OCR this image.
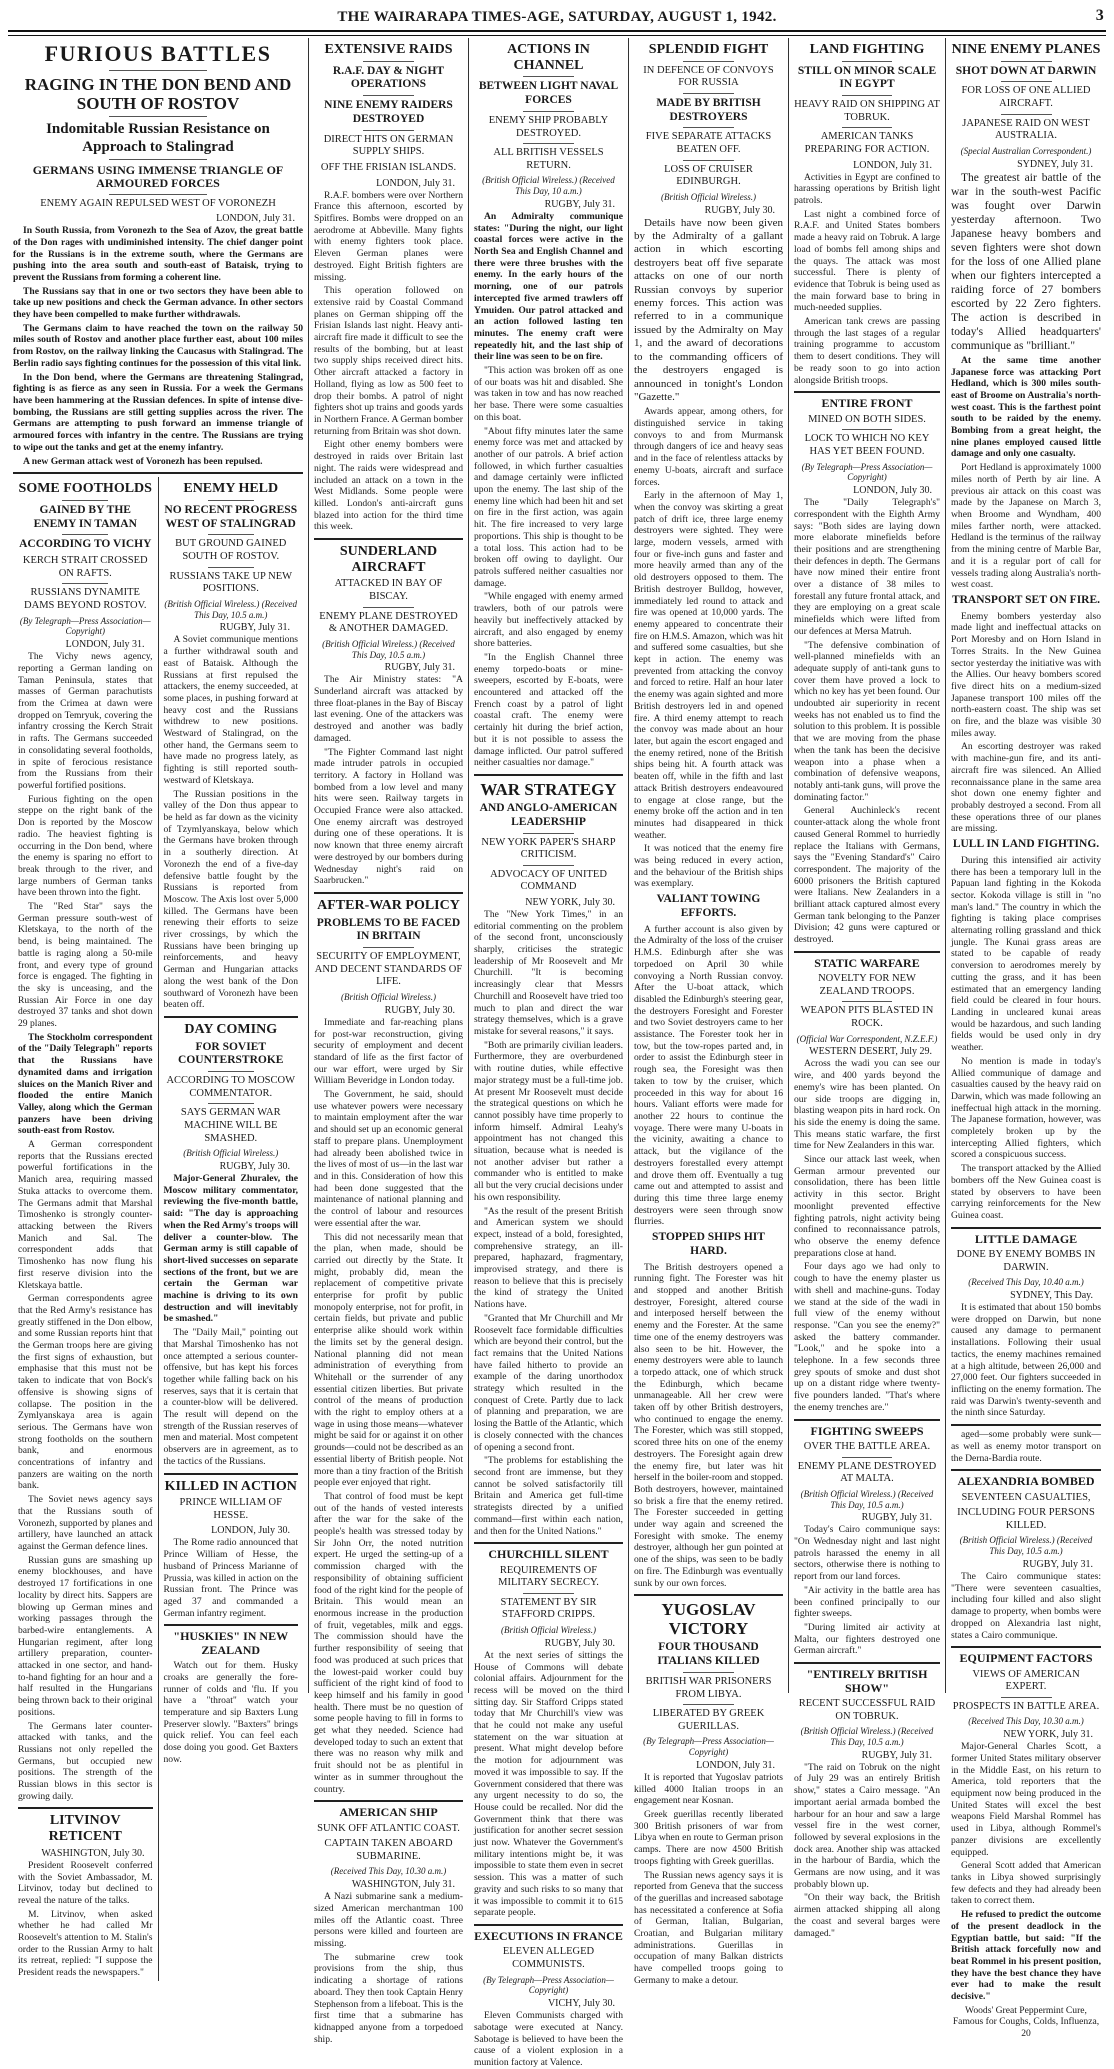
THE WAIRARAPA TIMES-AGE, SATURDAY, AUGUST 1, 1942.	3
FURIOUS BATTLES
RAGING IN THE DON BEND AND SOUTH OF ROSTOV
Indomitable Russian Resistance on Approach to Stalingrad
GERMANS USING IMMENSE TRIANGLE OF ARMOURED FORCES
ENEMY AGAIN REPULSED WEST OF VORONEZH
LONDON, July 31.
In South Russia, from Voronezh to the Sea of Azov, the great battle of the Don rages with undiminished intensity. The chief danger point for the Russians is in the extreme south, where the Germans are pushing into the area south and south-east of Bataisk, trying to prevent the Russians from forming a coherent line.
The Russians say that in one or two sectors they have been able to take up new positions and check the German advance. In other sectors they have been compelled to make further withdrawals.
The Germans claim to have reached the town on the railway 50 miles south of Rostov and another place further east, about 100 miles from Rostov, on the railway linking the Caucasus with Stalingrad. The Berlin radio says fighting continues for the possession of this vital link.
In the Don bend, where the Germans are threatening Stalingrad, fighting is as fierce as any seen in Russia. For a week the Germans have been hammering at the Russian defences. In spite of intense dive-bombing, the Russians are still getting supplies across the river. The Germans are attempting to push forward an immense triangle of armoured forces with infantry in the centre. The Russians are trying to wipe out the tanks and get at the enemy infantry.
A new German attack west of Voronezh has been repulsed.
SOME FOOTHOLDS
GAINED BY THE ENEMY IN TAMAN
ACCORDING TO VICHY
KERCH STRAIT CROSSED ON RAFTS.
RUSSIANS DYNAMITE DAMS BEYOND ROSTOV.
(By Telegraph—Press Association—Copyright)
LONDON, July 31.
The Vichy news agency, reporting a German landing on Taman Peninsula, states that masses of German parachutists from the Crimea at dawn were dropped on Temryuk, covering the infantry crossing the Kerch Strait in rafts. The Germans succeeded in consolidating several footholds, in spite of ferocious resistance from the Russians from their powerful fortified positions.
Furious fighting on the open steppe on the right bank of the Don is reported by the Moscow radio. The heaviest fighting is occurring in the Don bend, where the enemy is sparing no effort to break through to the river, and large numbers of German tanks have been thrown into the fight.
The "Red Star" says the German pressure south-west of Kletskaya, to the north of the bend, is being maintained. The battle is raging along a 50-mile front, and every type of ground force is engaged. The fighting in the sky is unceasing, and the Russian Air Force in one day destroyed 37 tanks and shot down 29 planes.
The Stockholm correspondent of the "Daily Telegraph" reports that the Russians have dynamited dams and irrigation sluices on the Manich River and flooded the entire Manich Valley, along which the German panzers have been driving south-east from Rostov.
A German correspondent reports that the Russians erected powerful fortifications in the Manich area, requiring massed Stuka attacks to overcome them. The Germans admit that Marshal Timoshenko is strongly counter-attacking between the Rivers Manich and Sal. The correspondent adds that Timoshenko has now flung his first reserve division into the Kletskaya battle.
German correspondents agree that the Red Army's resistance has greatly stiffened in the Don elbow, and some Russian reports hint that the German troops here are giving the first signs of exhaustion, but emphasise that this must not be taken to indicate that von Bock's offensive is showing signs of collapse. The position in the Zymlyanskaya area is again serious. The Germans have won strong footholds on the southern bank, and enormous concentrations of infantry and panzers are waiting on the north bank.
The Soviet news agency says that the Russians south of Voronezh, supported by planes and artillery, have launched an attack against the German defence lines.
Russian guns are smashing up enemy blockhouses, and have destroyed 17 fortifications in one locality by direct hits. Sappers are blowing up German mines and working passages through the barbed-wire entanglements. A Hungarian regiment, after long artillery preparation, counter-attacked in one sector, and hand-to-hand fighting for an hour and a half resulted in the Hungarians being thrown back to their original positions.
The Germans later counter-attacked with tanks, and the Russians not only repelled the Germans, but occupied new positions. The strength of the Russian blows in this sector is growing daily.
LITVINOV RETICENT
WASHINGTON, July 30.
President Roosevelt conferred with the Soviet Ambassador, M. Litvinov, today but declined to reveal the nature of the talks.
M. Litvinov, when asked whether he had called Mr Roosevelt's attention to M. Stalin's order to the Russian Army to halt its retreat, replied: "I suppose the President reads the newspapers."
ENEMY HELD
NO RECENT PROGRESS WEST OF STALINGRAD
BUT GROUND GAINED SOUTH OF ROSTOV.
RUSSIANS TAKE UP NEW POSITIONS.
(British Official Wireless.) (Received This Day, 10.5 a.m.)
RUGBY, July 31.
A Soviet communique mentions a further withdrawal south and east of Bataisk. Although the Russians at first repulsed the attackers, the enemy succeeded, at some places, in pushing forward at heavy cost and the Russians withdrew to new positions. Westward of Stalingrad, on the other hand, the Germans seem to have made no progress lately, as fighting is still reported south-westward of Kletskaya.
The Russian positions in the valley of the Don thus appear to be held as far down as the vicinity of Tzymlyanskaya, below which the Germans have broken through in a southerly direction. At Voronezh the end of a five-day defensive battle fought by the Russians is reported from Moscow. The Axis lost over 5,000 killed. The Germans have been renewing their efforts to seize river crossings, by which the Russians have been bringing up reinforcements, and heavy German and Hungarian attacks along the west bank of the Don southward of Voronezh have been beaten off.
DAY COMING
FOR SOVIET COUNTERSTROKE
ACCORDING TO MOSCOW COMMENTATOR.
SAYS GERMAN WAR MACHINE WILL BE SMASHED.
(British Official Wireless.)
RUGBY, July 30.
Major-General Zhuralev, the Moscow military commentator, reviewing the five-month battle, said: "The day is approaching when the Red Army's troops will deliver a counter-blow. The German army is still capable of short-lived successes on separate sections of the front, but we are certain the German war machine is driving to its own destruction and will inevitably be smashed."
The "Daily Mail," pointing out that Marshal Timoshenko has not once attempted a serious counter-offensive, but has kept his forces together while falling back on his reserves, says that it is certain that a counter-blow will be delivered. The result will depend on the strength of the Russian reserves of men and material. Most competent observers are in agreement, as to the tactics of the Russians.
KILLED IN ACTION
PRINCE WILLIAM OF HESSE.
LONDON, July 30.
The Rome radio announced that Prince William of Hesse, the husband of Princess Marianne of Prussia, was killed in action on the Russian front. The Prince was aged 37 and commanded a German infantry regiment.
"HUSKIES" IN NEW ZEALAND
Watch out for them. Husky croaks are generally the fore-runner of colds and 'flu. If you have a "throat" watch your temperature and sip Baxters Lung Preserver slowly. "Baxters" brings quick relief. You can feel each dose doing you good. Get Baxters now.
EXTENSIVE RAIDS
R.A.F. DAY & NIGHT OPERATIONS
NINE ENEMY RAIDERS DESTROYED
DIRECT HITS ON GERMAN SUPPLY SHIPS.
OFF THE FRISIAN ISLANDS.
LONDON, July 31.
R.A.F. bombers were over Northern France this afternoon, escorted by Spitfires. Bombs were dropped on an aerodrome at Abbeville. Many fights with enemy fighters took place. Eleven German planes were destroyed. Eight British fighters are missing.
This operation followed on extensive raid by Coastal Command planes on German shipping off the Frisian Islands last night. Heavy anti-aircraft fire made it difficult to see the results of the bombing, but at least two supply ships received direct hits. Other aircraft attacked a factory in Holland, flying as low as 500 feet to drop their bombs. A patrol of night fighters shot up trains and goods yards in Northern France. A German bomber returning from Britain was shot down.
Eight other enemy bombers were destroyed in raids over Britain last night. The raids were widespread and included an attack on a town in the West Midlands. Some people were killed. London's anti-aircraft guns blazed into action for the third time this week.
SUNDERLAND AIRCRAFT
ATTACKED IN BAY OF BISCAY.
ENEMY PLANE DESTROYED & ANOTHER DAMAGED.
(British Official Wireless.) (Received This Day, 10.5 a.m.)
RUGBY, July 31.
The Air Ministry states: "A Sunderland aircraft was attacked by three float-planes in the Bay of Biscay last evening. One of the attackers was destroyed and another was badly damaged.
"The Fighter Command last night made intruder patrols in occupied territory. A factory in Holland was bombed from a low level and many hits were seen. Railway targets in Occupied France were also attacked. One enemy aircraft was destroyed during one of these operations. It is now known that three enemy aircraft were destroyed by our bombers during Wednesday night's raid on Saarbrucken."
AFTER-WAR POLICY
PROBLEMS TO BE FACED IN BRITAIN
SECURITY OF EMPLOYMENT, AND DECENT STANDARDS OF LIFE.
(British Official Wireless.)
RUGBY, July 30.
Immediate and far-reaching plans for post-war reconstruction, giving security of employment and decent standard of life as the first factor of our war effort, were urged by Sir William Beveridge in London today.
The Government, he said, should use whatever powers were necessary to maintain employment after the war and should set up an economic general staff to prepare plans. Unemployment had already been abolished twice in the lives of most of us—in the last war and in this. Consideration of how this had been done suggested that the maintenance of national planning and the control of labour and resources were essential after the war.
This did not necessarily mean that the plan, when made, should be carried out directly by the State. It might, probably did, mean the replacement of competitive private enterprise for profit by public monopoly enterprise, not for profit, in certain fields, but private and public enterprise alike should work within the limits set by the general design. National planning did not mean administration of everything from Whitehall or the surrender of any essential citizen liberties. But private control of the means of production with the right to employ others at a wage in using those means—whatever might be said for or against it on other grounds—could not be described as an essential liberty of British people. Not more than a tiny fraction of the British people ever enjoyed that right.
That control of food must be kept out of the hands of vested interests after the war for the sake of the people's health was stressed today by Sir John Orr, the noted nutrition expert. He urged the setting-up of a commission charged with the responsibility of obtaining sufficient food of the right kind for the people of Britain. This would mean an enormous increase in the production of fruit, vegetables, milk and eggs. The commission should have the further responsibility of seeing that food was produced at such prices that the lowest-paid worker could buy sufficient of the right kind of food to keep himself and his family in good health. There must be no question of some people having to fill in forms to get what they needed. Science had developed today to such an extent that there was no reason why milk and fruit should not be as plentiful in winter as in summer throughout the country.
AMERICAN SHIP
SUNK OFF ATLANTIC COAST.
CAPTAIN TAKEN ABOARD SUBMARINE.
(Received This Day, 10.30 a.m.)
WASHINGTON, July 31.
A Nazi submarine sank a medium-sized American merchantman 100 miles off the Atlantic coast. Three persons were killed and fourteen are missing.
The submarine crew took provisions from the ship, thus indicating a shortage of rations aboard. They then took Captain Henry Stephenson from a lifeboat. This is the first time that a submarine has kidnapped anyone from a torpedoed ship.
ACTIONS IN CHANNEL
BETWEEN LIGHT NAVAL FORCES
ENEMY SHIP PROBABLY DESTROYED.
ALL BRITISH VESSELS RETURN.
(British Official Wireless.) (Received This Day, 10 a.m.)
RUGBY, July 31.
An Admiralty communique states: "During the night, our light coastal forces were active in the North Sea and English Channel and there were three brushes with the enemy. In the early hours of the morning, one of our patrols intercepted five armed trawlers off Ymuiden. Our patrol attacked and an action followed lasting ten minutes. The enemy craft were repeatedly hit, and the last ship of their line was seen to be on fire.
"This action was broken off as one of our boats was hit and disabled. She was taken in tow and has now reached her base. There were some casualties on this boat.
"About fifty minutes later the same enemy force was met and attacked by another of our patrols. A brief action followed, in which further casualties and damage certainly were inflicted upon the enemy. The last ship of the enemy line which had been hit and set on fire in the first action, was again hit. The fire increased to very large proportions. This ship is thought to be a total loss. This action had to be broken off owing to daylight. Our patrols suffered neither casualties nor damage.
"While engaged with enemy armed trawlers, both of our patrols were heavily but ineffectively attacked by aircraft, and also engaged by enemy shore batteries.
"In the English Channel three enemy torpedo-boats or mine-sweepers, escorted by E-boats, were encountered and attacked off the French coast by a patrol of light coastal craft. The enemy were certainly hit during the brief action, but it is not possible to assess the damage inflicted. Our patrol suffered neither casualties nor damage."
WAR STRATEGY
AND ANGLO-AMERICAN LEADERSHIP
NEW YORK PAPER'S SHARP CRITICISM.
ADVOCACY OF UNITED COMMAND
NEW YORK, July 30.
The "New York Times," in an editorial commenting on the problem of the second front, unconsciously sharply, criticises the strategic leadership of Mr Roosevelt and Mr Churchill. "It is becoming increasingly clear that Messrs Churchill and Roosevelt have tried too much to plan and direct the war strategy themselves, which is a grave mistake for several reasons," it says.
"Both are primarily civilian leaders. Furthermore, they are overburdened with routine duties, while effective major strategy must be a full-time job. At present Mr Roosevelt must decide the strategical questions on which he cannot possibly have time properly to inform himself. Admiral Leahy's appointment has not changed this situation, because what is needed is not another adviser but rather a commander who is entitled to make all but the very crucial decisions under his own responsibility.
"As the result of the present British and American system we should expect, instead of a bold, foresighted, comprehensive strategy, an ill-prepared, haphazard, fragmentary, improvised strategy, and there is reason to believe that this is precisely the kind of strategy the United Nations have.
"Granted that Mr Churchill and Mr Roosevelt face formidable difficulties which are beyond their control, but the fact remains that the United Nations have failed hitherto to provide an example of the daring unorthodox strategy which resulted in the conquest of Crete. Partly due to lack of planning and preparation, we are losing the Battle of the Atlantic, which is closely connected with the chances of opening a second front.
"The problems for establishing the second front are immense, but they cannot be solved satisfactorily till Britain and America get full-time strategists directed by a unified command—first within each nation, and then for the United Nations."
CHURCHILL SILENT
REQUIREMENTS OF MILITARY SECRECY.
STATEMENT BY SIR STAFFORD CRIPPS.
(British Official Wireless.)
RUGBY, July 30.
At the next series of sittings the House of Commons will debate colonial affairs. Adjournment for the recess will be moved on the third sitting day. Sir Stafford Cripps stated today that Mr Churchill's view was that he could not make any useful statement on the war situation at present. What might develop before the motion for adjournment was moved it was impossible to say. If the Government considered that there was any urgent necessity to do so, the House could be recalled. Nor did the Government think that there was justification for another secret session just now. Whatever the Government's military intentions might be, it was impossible to state them even in secret session. This was a matter of such gravity and such risks to so many that it was impossible to commit it to 615 separate people.
EXECUTIONS IN FRANCE
ELEVEN ALLEGED COMMUNISTS.
(By Telegraph—Press Association—Copyright)
VICHY, July 30.
Eleven Communists charged with sabotage were executed at Nancy. Sabotage is believed to have been the cause of a violent explosion in a munition factory at Valence.
SPLENDID FIGHT
IN DEFENCE OF CONVOYS FOR RUSSIA
MADE BY BRITISH DESTROYERS
FIVE SEPARATE ATTACKS BEATEN OFF.
LOSS OF CRUISER EDINBURGH.
(British Official Wireless.)
RUGBY, July 30.
Details have now been given by the Admiralty of a gallant action in which escorting destroyers beat off five separate attacks on one of our north Russian convoys by superior enemy forces. This action was referred to in a communique issued by the Admiralty on May 1, and the award of decorations to the commanding officers of the destroyers engaged is announced in tonight's London "Gazette."
Awards appear, among others, for distinguished service in taking convoys to and from Murmansk through dangers of ice and heavy seas and in the face of relentless attacks by enemy U-boats, aircraft and surface forces.
Early in the afternoon of May 1, when the convoy was skirting a great patch of drift ice, three large enemy destroyers were sighted. They were large, modern vessels, armed with four or five-inch guns and faster and more heavily armed than any of the old destroyers opposed to them. The British destroyer Bulldog, however, immediately led round to attack and fire was opened at 10,000 yards. The enemy appeared to concentrate their fire on H.M.S. Amazon, which was hit and suffered some casualties, but she kept in action. The enemy was prevented from attacking the convoy and forced to retire. Half an hour later the enemy was again sighted and more British destroyers led in and opened fire. A third enemy attempt to reach the convoy was made about an hour later, but again the escort engaged and the enemy retired, none of the British ships being hit. A fourth attack was beaten off, while in the fifth and last attack British destroyers endeavoured to engage at close range, but the enemy broke off the action and in ten minutes had disappeared in thick weather.
It was noticed that the enemy fire was being reduced in every action, and the behaviour of the British ships was exemplary.
VALIANT TOWING EFFORTS.
A further account is also given by the Admiralty of the loss of the cruiser H.M.S. Edinburgh after she was torpedoed on April 30 while convoying a North Russian convoy. After the U-boat attack, which disabled the Edinburgh's steering gear, the destroyers Foresight and Forester and two Soviet destroyers came to her assistance. The Forester took her in tow, but the tow-ropes parted and, in order to assist the Edinburgh steer in rough sea, the Foresight was then taken to tow by the cruiser, which proceeded in this way for about 16 hours. Valiant efforts were made for another 22 hours to continue the voyage. There were many U-boats in the vicinity, awaiting a chance to attack, but the vigilance of the destroyers forestalled every attempt and drove them off. Eventually a tug came out and attempted to assist and during this time three large enemy destroyers were seen through snow flurries.
STOPPED SHIPS HIT HARD.
The British destroyers opened a running fight. The Forester was hit and stopped and another British destroyer, Foresight, altered course and interposed herself between the enemy and the Forester. At the same time one of the enemy destroyers was also seen to be hit. However, the enemy destroyers were able to launch a torpedo attack, one of which struck the Edinburgh, which became unmanageable. All her crew were taken off by other British destroyers, who continued to engage the enemy. The Forester, which was still stopped, scored three hits on one of the enemy destroyers. The Foresight again drew the enemy fire, but later was hit herself in the boiler-room and stopped. Both destroyers, however, maintained so brisk a fire that the enemy retired. The Forester succeeded in getting under way again and screened the Foresight with smoke. The enemy destroyer, although her gun pointed at one of the ships, was seen to be badly on fire. The Edinburgh was eventually sunk by our own forces.
YUGOSLAV VICTORY
FOUR THOUSAND ITALIANS KILLED
BRITISH WAR PRISONERS FROM LIBYA.
LIBERATED BY GREEK GUERILLAS.
(By Telegraph—Press Association—Copyright)
LONDON, July 31.
It is reported that Yugoslav patriots killed 4000 Italian troops in an engagement near Kosnan.
Greek guerillas recently liberated 300 British prisoners of war from Libya when en route to German prison camps. There are now 4500 British troops fighting with Greek guerillas.
The Russian news agency says it is reported from Geneva that the success of the guerillas and increased sabotage has necessitated a conference at Sofia of German, Italian, Bulgarian, Croatian, and Bulgarian military administrations. Guerillas in occupation of many Balkan districts have compelled troops going to Germany to make a detour.
LAND FIGHTING
STILL ON MINOR SCALE IN EGYPT
HEAVY RAID ON SHIPPING AT TOBRUK.
AMERICAN TANKS PREPARING FOR ACTION.
LONDON, July 31.
Activities in Egypt are confined to harassing operations by British light patrols.
Last night a combined force of R.A.F. and United States bombers made a heavy raid on Tobruk. A large load of bombs fell among ships and the quays. The attack was most successful. There is plenty of evidence that Tobruk is being used as the main forward base to bring in much-needed supplies.
American tank crews are passing through the last stages of a regular training programme to accustom them to desert conditions. They will be ready soon to go into action alongside British troops.
ENTIRE FRONT
MINED ON BOTH SIDES.
LOCK TO WHICH NO KEY HAS YET BEEN FOUND.
(By Telegraph—Press Association—Copyright)
LONDON, July 30.
The "Daily Telegraph's" correspondent with the Eighth Army says: "Both sides are laying down more elaborate minefields before their positions and are strengthening their defences in depth. The Germans have now mined their entire front over a distance of 38 miles to forestall any future frontal attack, and they are employing on a great scale minefields which were lifted from our defences at Mersa Matruh.
"The defensive combination of well-planned minefields with an adequate supply of anti-tank guns to cover them have proved a lock to which no key has yet been found. Our undoubted air superiority in recent weeks has not enabled us to find the solution to this problem. It is possible that we are moving from the phase when the tank has been the decisive weapon into a phase when a combination of defensive weapons, notably anti-tank guns, will prove the dominating factor."
General Auchinleck's recent counter-attack along the whole front caused General Rommel to hurriedly replace the Italians with Germans, says the "Evening Standard's" Cairo correspondent. The majority of the 6000 prisoners the British captured were Italians. New Zealanders in a brilliant attack captured almost every German tank belonging to the Panzer Division; 42 guns were captured or destroyed.
STATIC WARFARE
NOVELTY FOR NEW ZEALAND TROOPS.
WEAPON PITS BLASTED IN ROCK.
(Official War Correspondent, N.Z.E.F.)
WESTERN DESERT, July 29.
Across the wadi you can see our wire, and 400 yards beyond the enemy's wire has been planted. On our side troops are digging in, blasting weapon pits in hard rock. On his side the enemy is doing the same. This means static warfare, the first time for New Zealanders in this war.
Since our attack last week, when German armour prevented our consolidation, there has been little activity in this sector. Bright moonlight prevented effective fighting patrols, night activity being confined to reconnaissance patrols, who observe the enemy defence preparations close at hand.
Four days ago we had only to cough to have the enemy plaster us with shell and machine-guns. Today we stand at the side of the wadi in full view of the enemy without response. "Can you see the enemy?" asked the battery commander. "Look," and he spoke into a telephone. In a few seconds three grey spouts of smoke and dust shot up on a distant ridge where twenty-five pounders landed. "That's where the enemy trenches are."
FIGHTING SWEEPS
OVER THE BATTLE AREA.
ENEMY PLANE DESTROYED AT MALTA.
(British Official Wireless.) (Received This Day, 10.5 a.m.)
RUGBY, July 31.
Today's Cairo communique says: "On Wednesday night and last night patrols harassed the enemy in all sectors, otherwise there is nothing to report from our land forces.
"Air activity in the battle area has been confined principally to our fighter sweeps.
"During limited air activity at Malta, our fighters destroyed one German aircraft."
"ENTIRELY BRITISH SHOW"
RECENT SUCCESSFUL RAID ON TOBRUK.
(British Official Wireless.) (Received This Day, 10.5 a.m.)
RUGBY, July 31.
"The raid on Tobruk on the night of July 29 was an entirely British show," states a Cairo message. "An important aerial armada bombed the harbour for an hour and saw a large vessel fire in the west corner, followed by several explosions in the dock area. Another ship was attacked in the harbour of Bardia, which the Germans are now using, and it was probably blown up.
"On their way back, the British airmen attacked shipping all along the coast and several barges were damaged."
NINE ENEMY PLANES
SHOT DOWN AT DARWIN
FOR LOSS OF ONE ALLIED AIRCRAFT.
JAPANESE RAID ON WEST AUSTRALIA.
(Special Australian Correspondent.)
SYDNEY, July 31.
The greatest air battle of the war in the south-west Pacific was fought over Darwin yesterday afternoon. Two Japanese heavy bombers and seven fighters were shot down for the loss of one Allied plane when our fighters intercepted a raiding force of 27 bombers escorted by 22 Zero fighters. The action is described in today's Allied headquarters' communique as "brilliant."
At the same time another Japanese force was attacking Port Hedland, which is 300 miles south-east of Broome on Australia's north-west coast. This is the farthest point south to be raided by the enemy. Bombing from a great height, the nine planes employed caused little damage and only one casualty.
Port Hedland is approximately 1000 miles north of Perth by air line. A previous air attack on this coast was made by the Japanese on March 3, when Broome and Wyndham, 400 miles farther north, were attacked. Hedland is the terminus of the railway from the mining centre of Marble Bar, and it is a regular port of call for vessels trading along Australia's north-west coast.
TRANSPORT SET ON FIRE.
Enemy bombers yesterday also made light and ineffectual attacks on Port Moresby and on Horn Island in Torres Straits. In the New Guinea sector yesterday the initiative was with the Allies. Our heavy bombers scored five direct hits on a medium-sized Japanese transport 100 miles off the north-eastern coast. The ship was set on fire, and the blaze was visible 30 miles away.
An escorting destroyer was raked with machine-gun fire, and its anti-aircraft fire was silenced. An Allied reconnaissance plane in the same area shot down one enemy fighter and probably destroyed a second. From all these operations three of our planes are missing.
LULL IN LAND FIGHTING.
During this intensified air activity there has been a temporary lull in the Papuan land fighting in the Kokoda sector. Kokoda village is still in "no man's land." The country in which the fighting is taking place comprises alternating rolling grassland and thick jungle. The Kunai grass areas are stated to be capable of ready conversion to aerodromes merely by cutting the grass, and it has been estimated that an emergency landing field could be cleared in four hours. Landing in uncleared kunai areas would be hazardous, and such landing fields would be used only in dry weather.
No mention is made in today's Allied communique of damage and casualties caused by the heavy raid on Darwin, which was made following an ineffectual high attack in the morning. The Japanese formation, however, was completely broken up by the intercepting Allied fighters, which scored a conspicuous success.
The transport attacked by the Allied bombers off the New Guinea coast is stated by observers to have been carrying reinforcements for the New Guinea coast.
LITTLE DAMAGE
DONE BY ENEMY BOMBS IN DARWIN.
(Received This Day, 10.40 a.m.)
SYDNEY, This Day.
It is estimated that about 150 bombs were dropped on Darwin, but none caused any damage to permanent installations. Following their usual tactics, the enemy machines remained at a high altitude, between 26,000 and 27,000 feet. Our fighters succeeded in inflicting on the enemy formation. The raid was Darwin's twenty-seventh and the ninth since Saturday.
aged—some probably were sunk—as well as enemy motor transport on the Derna-Bardia route.
ALEXANDRIA BOMBED
SEVENTEEN CASUALTIES,
INCLUDING FOUR PERSONS KILLED.
(British Official Wireless.) (Received This Day, 10.5 a.m.)
RUGBY, July 31.
The Cairo communique states: "There were seventeen casualties, including four killed and also slight damage to property, when bombs were dropped on Alexandria last night, states a Cairo communique.
EQUIPMENT FACTORS
VIEWS OF AMERICAN EXPERT.
PROSPECTS IN BATTLE AREA.
(Received This Day, 10.30 a.m.)
NEW YORK, July 31.
Major-General Charles Scott, a former United States military observer in the Middle East, on his return to America, told reporters that the equipment now being produced in the United States will excel the best weapons Field Marshal Rommel has used in Libya, although Rommel's panzer divisions are excellently equipped.
General Scott added that American tanks in Libya showed surprisingly few defects and they had already been taken to correct them.
He refused to predict the outcome of the present deadlock in the Egyptian battle, but said: "If the British attack forcefully now and beat Rommel in his present position, they have the best chance they have ever had to make the result decisive."
Woods' Great Peppermint Cure, Famous for Coughs, Colds, Influenza, 20
